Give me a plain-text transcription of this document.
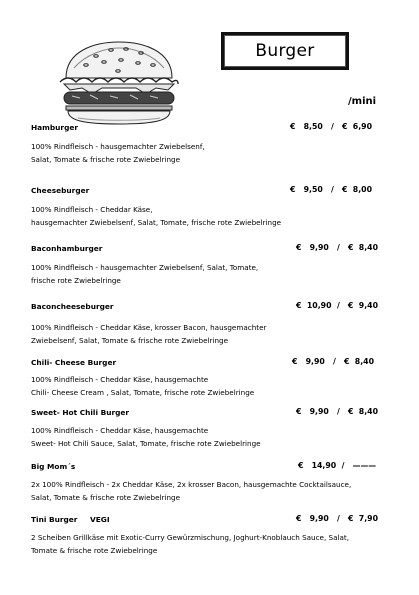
Burger
/mini
Hamburger	€   8,50   /   €  6,90
100% Rindfleisch - hausgemachter Zwiebelsenf,
Salat, Tomate & frische rote Zwiebelringe
Cheeseburger	€   9,50   /   €  8,00
100% Rindfleisch - Cheddar Käse,
hausgemachter Zwiebelsenf, Salat, Tomate, frische rote Zwiebelringe
Baconhamburger	€   9,90   /   €  8,40
100% Rindfleisch - hausgemachter Zwiebelsenf, Salat, Tomate,
frische rote Zwiebelringe
Baconcheeseburger	€  10,90  /   €  9,40
100% Rindfleisch - Cheddar Käse, krosser Bacon, hausgemachter
Zwiebelsenf, Salat, Tomate & frische rote Zwiebelringe
Chili- Cheese Burger	€   9,90   /   €  8,40
100% Rindfleisch - Cheddar Käse, hausgemachte
Chili- Cheese Cream , Salat, Tomate, frische rote Zwiebelringe
Sweet- Hot Chili Burger	€   9,90   /   €  8,40
100% Rindfleisch - Cheddar Käse, hausgemachte
Sweet- Hot Chili Sauce, Salat, Tomate, frische rote Zwiebelringe
Big Mom´s	€   14,90  /   ———
2x 100% Rindfleisch - 2x Cheddar Käse, 2x krosser Bacon, hausgemachte Cocktailsauce,
Salat, Tomate & frische rote Zwiebelringe
Tini Burger VEGI	€   9,90   /   €  7,90
2 Scheiben Grillkäse mit Exotic-Curry Gewürzmischung, Joghurt-Knoblauch Sauce, Salat,
Tomate & frische rote Zwiebelringe
